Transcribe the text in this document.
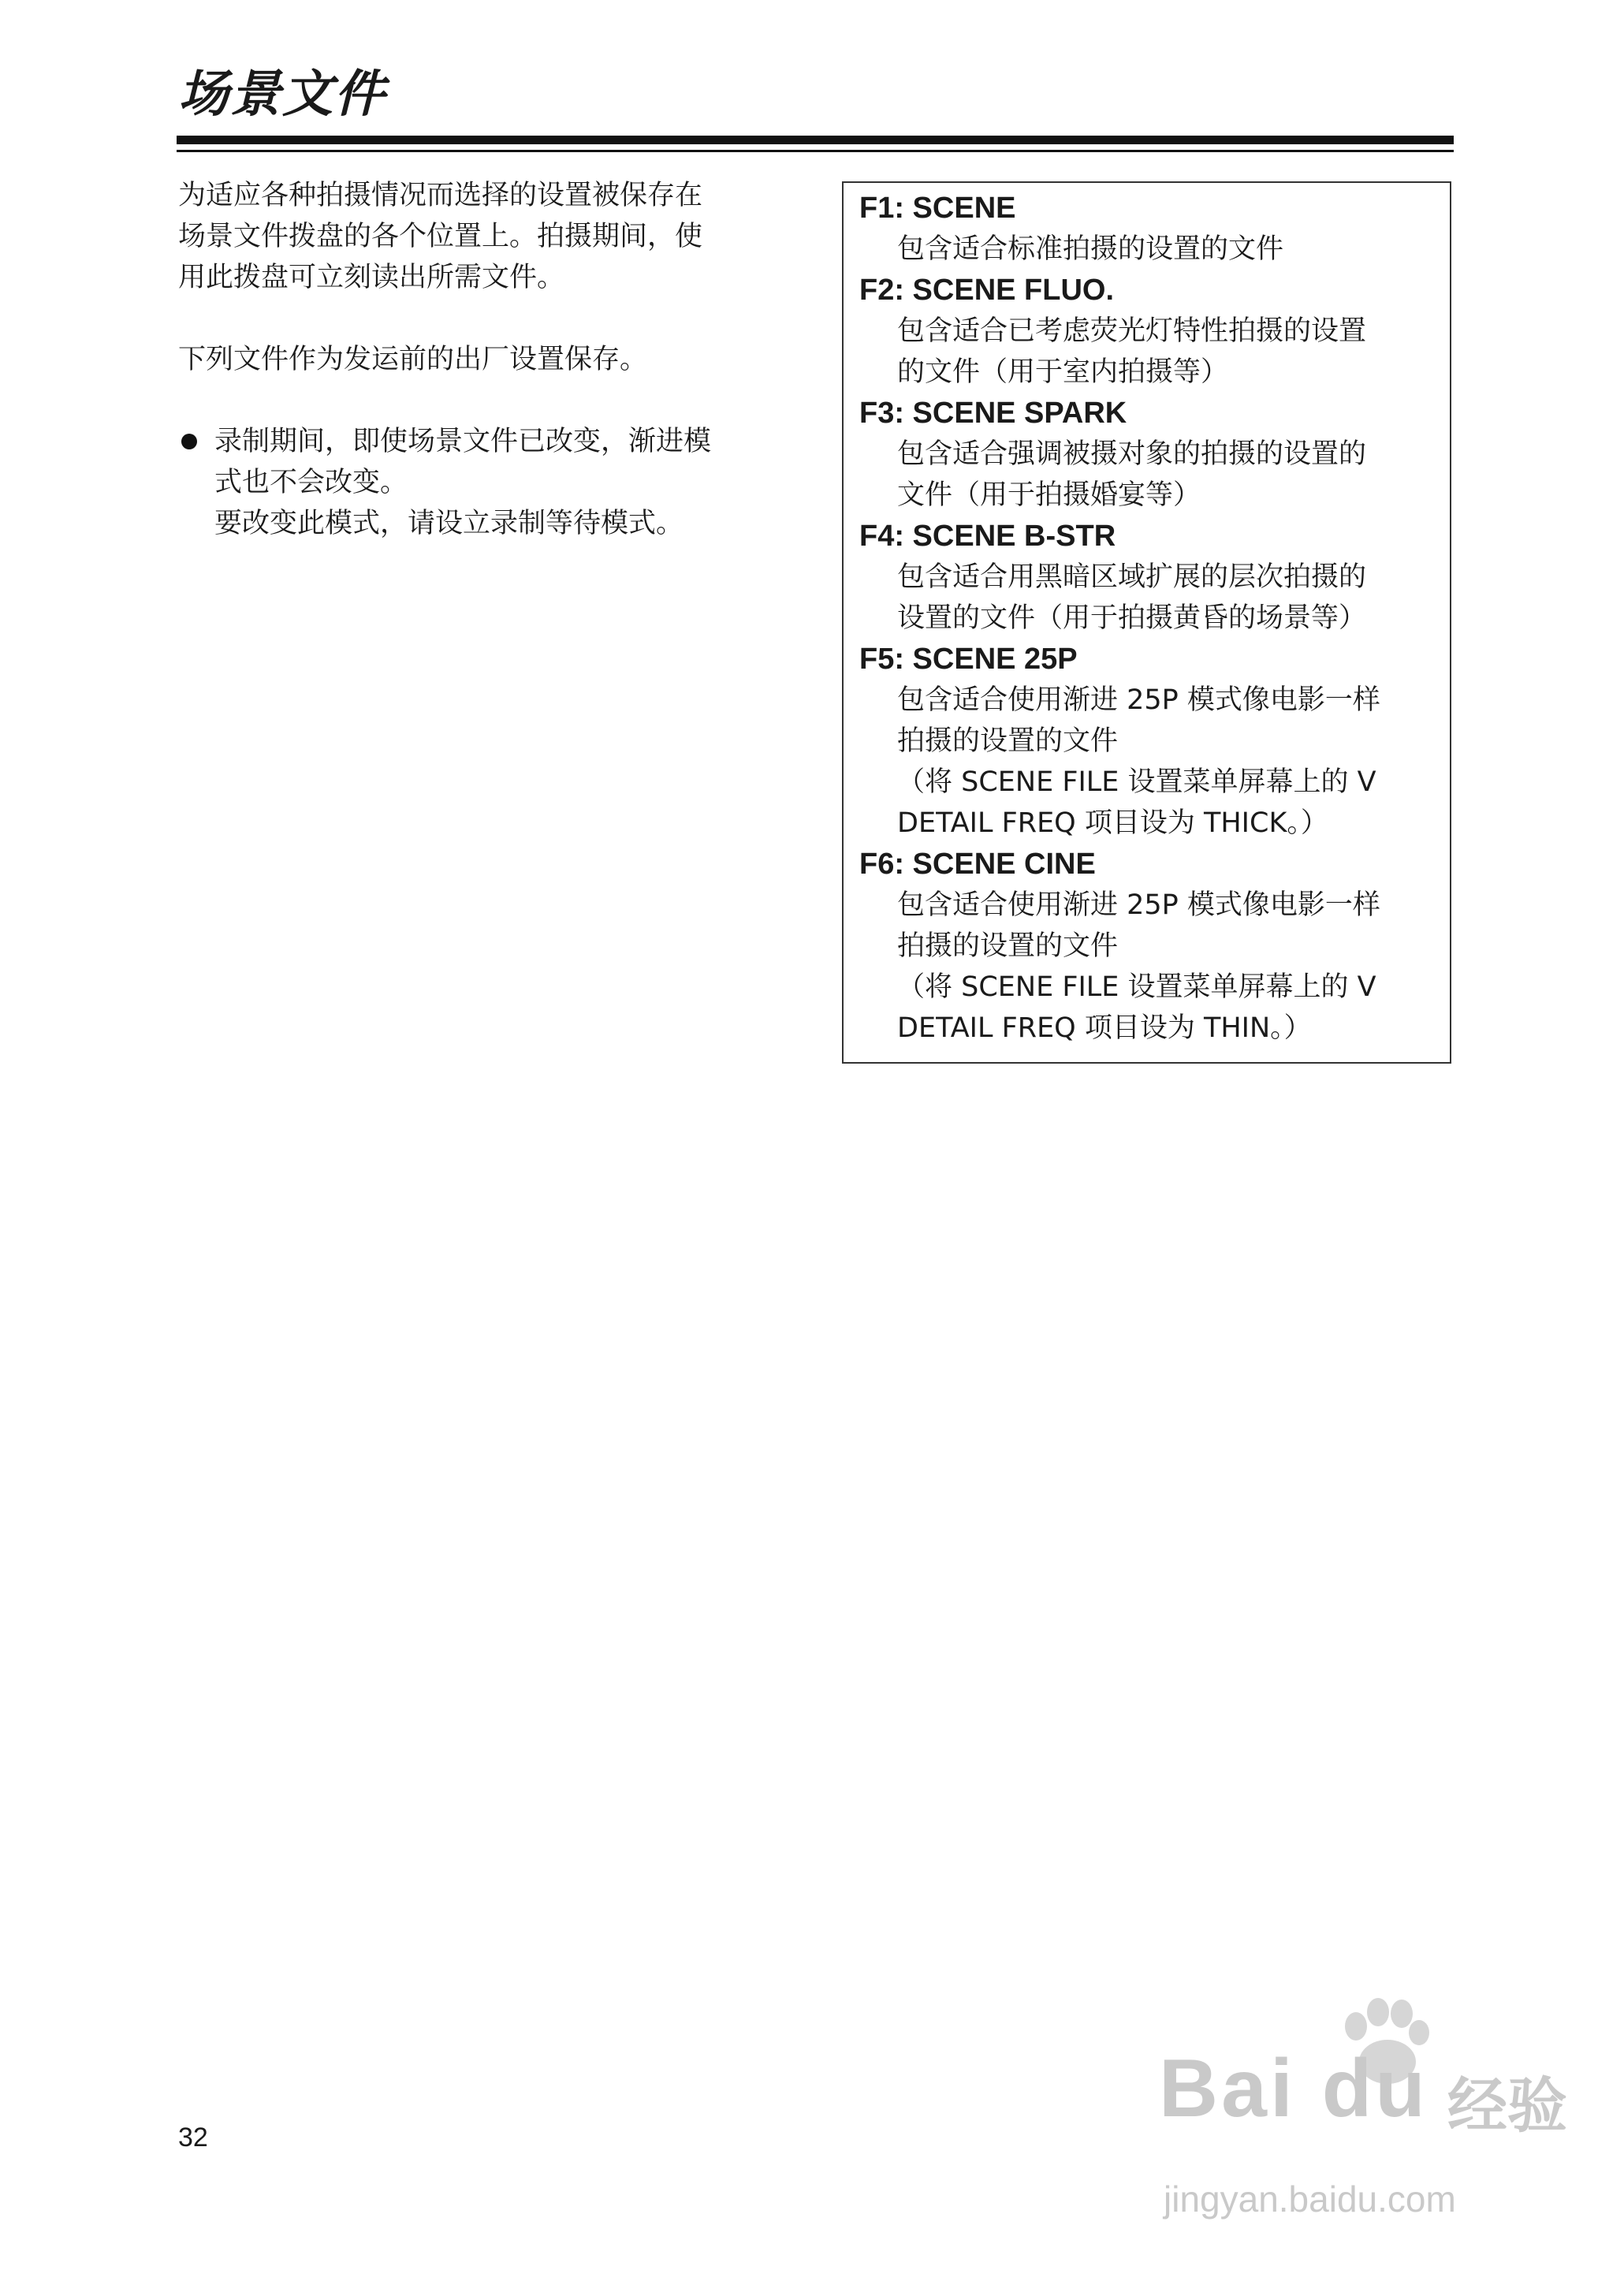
场景文件
为适应各种拍摄情况而选择的设置被保存在
场景文件拨盘的各个位置上。拍摄期间，使
用此拨盘可立刻读出所需文件。
下列文件作为发运前的出厂设置保存。

录制期间，即使场景文件已改变，渐进模

式也不会改变。

要改变此模式，请设立录制等待模式。

F1: SCENE

包含适合标准拍摄的设置的文件

F2: SCENE FLUO.

包含适合已考虑荧光灯特性拍摄的设置

的文件（用于室内拍摄等）

F3: SCENE SPARK

包含适合强调被摄对象的拍摄的设置的

文件（用于拍摄婚宴等）

F4: SCENE B-STR

包含适合用黑暗区域扩展的层次拍摄的

设置的文件（用于拍摄黄昏的场景等）

F5: SCENE 25P

包含适合使用渐进 25P 模式像电影一样

拍摄的设置的文件

（将 SCENE FILE 设置菜单屏幕上的 V

DETAIL FREQ 项目设为 THICK。）

F6: SCENE CINE

包含适合使用渐进 25P 模式像电影一样

拍摄的设置的文件

（将 SCENE FILE 设置菜单屏幕上的 V

DETAIL FREQ 项目设为 THIN。）

32
Bai du 经验
jingyan.baidu.com
